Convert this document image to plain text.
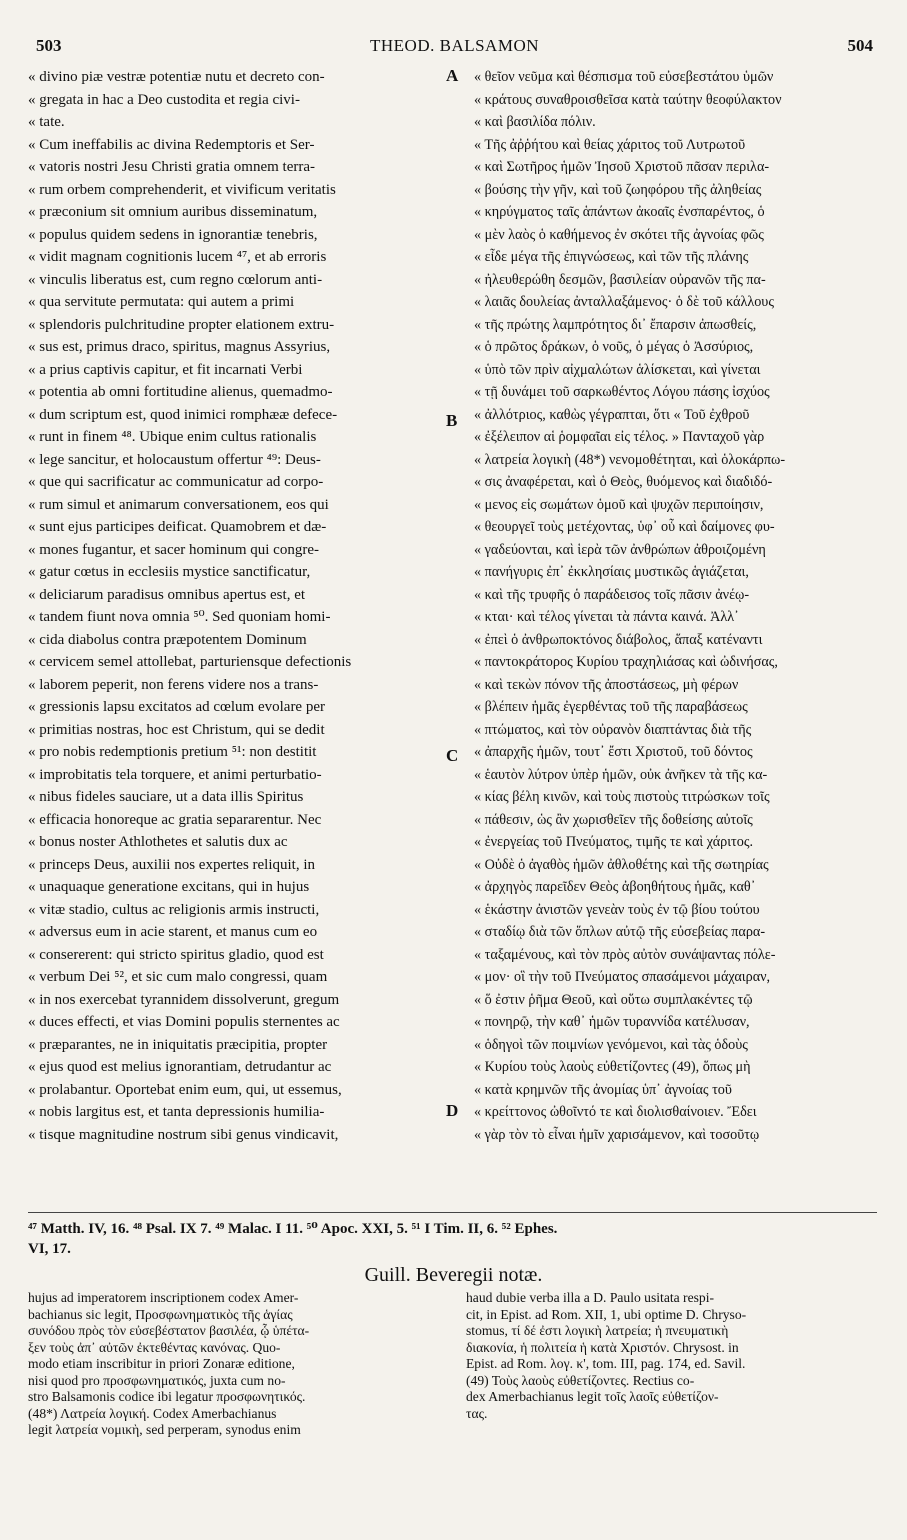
503	THEOD. BALSAMON	504
« divino piæ vestræ potentiæ nutu et decreto con-
« gregata in hac a Deo custodita et regia civi-
« tate.
« Cum ineffabilis ac divina Redemptoris et Ser-
« vatoris nostri Jesu Christi gratia omnem terra-
« rum orbem comprehenderit, et vivificum veritatis
« præconium sit omnium auribus disseminatum,
« populus quidem sedens in ignorantiæ tenebris,
« vidit magnam cognitionis lucem ⁴⁷, et ab erroris
« vinculis liberatus est, cum regno cœlorum anti-
« qua servitute permutata: qui autem a primi
« splendoris pulchritudine propter elationem extru-
« sus est, primus draco, spiritus, magnus Assyrius,
« a prius captivis capitur, et fit incarnati Verbi
« potentia ab omni fortitudine alienus, quemadmo-
« dum scriptum est, quod inimici romphææ defece-
« runt in finem ⁴⁸. Ubique enim cultus rationalis
« lege sancitur, et holocaustum offertur ⁴⁹: Deus-
« que qui sacrificatur ac communicatur ad corpo-
« rum simul et animarum conversationem, eos qui
« sunt ejus participes deificat. Quamobrem et dæ-
« mones fugantur, et sacer hominum qui congre-
« gatur cœtus in ecclesiis mystice sanctificatur,
« deliciarum paradisus omnibus apertus est, et
« tandem fiunt nova omnia ⁵⁰. Sed quoniam homi-
« cida diabolus contra præpotentem Dominum
« cervicem semel attollebat, parturiensque defectionis
« laborem peperit, non ferens videre nos a trans-
« gressionis lapsu excitatos ad cœlum evolare per
« primitias nostras, hoc est Christum, qui se dedit
« pro nobis redemptionis pretium ⁵¹: non destitit
« improbitatis tela torquere, et animi perturbatio-
« nibus fideles sauciare, ut a data illis Spiritus
« efficacia honoreque ac gratia separarentur. Nec
« bonus noster Athlothetes et salutis dux ac
« princeps Deus, auxilii nos expertes reliquit, in
« unaquaque generatione excitans, qui in hujus
« vitæ stadio, cultus ac religionis armis instructi,
« adversus eum in acie starent, et manus cum eo
« consererent: qui stricto spiritus gladio, quod est
« verbum Dei ⁵², et sic cum malo congressi, quam
« in nos exercebat tyrannidem dissolverunt, gregum
« duces effecti, et vias Domini populis sternentes ac
« præparantes, ne in iniquitatis præcipitia, propter
« ejus quod est melius ignorantiam, detrudantur ac
« prolabantur. Oportebat enim eum, qui, ut essemus,
« nobis largitus est, et tanta depressionis humilia-
« tisque magnitudine nostrum sibi genus vindicavit,
A
B
C
D
« θεῖον νεῦμα καὶ θέσπισμα τοῦ εὐσεβεστάτου ὑμῶν
« κράτους συναθροισθεῖσα κατὰ ταύτην θεοφύλακτον
« καὶ βασιλίδα πόλιν.
« Τῆς ἀῤῥήτου καὶ θείας χάριτος τοῦ Λυτρωτοῦ
« καὶ Σωτῆρος ἡμῶν Ἰησοῦ Χριστοῦ πᾶσαν περιλα-
« βούσης τὴν γῆν, καὶ τοῦ ζωηφόρου τῆς ἀληθείας
« κηρύγματος ταῖς ἁπάντων ἀκοαῖς ἐνσπαρέντος, ὁ
« μὲν λαὸς ὁ καθήμενος ἐν σκότει τῆς ἀγνοίας φῶς
« εἶδε μέγα τῆς ἐπιγνώσεως, καὶ τῶν τῆς πλάνης
« ἠλευθερώθη δεσμῶν, βασιλείαν οὐρανῶν τῆς πα-
« λαιᾶς δουλείας ἀνταλλαξάμενος· ὁ δὲ τοῦ κάλλους
« τῆς πρώτης λαμπρότητος δι᾽ ἔπαρσιν ἀπωσθείς,
« ὁ πρῶτος δράκων, ὁ νοῦς, ὁ μέγας ὁ Ἀσσύριος,
« ὑπὸ τῶν πρὶν αἰχμαλώτων ἁλίσκεται, καὶ γίνεται
« τῇ δυνάμει τοῦ σαρκωθέντος Λόγου πάσης ἰσχύος
« ἀλλότριος, καθὼς γέγραπται, ὅτι « Τοῦ ἐχθροῦ
« ἐξέλειπον αἱ ῥομφαῖαι εἰς τέλος. » Πανταχοῦ γὰρ
« λατρεία λογικὴ (48*) νενομοθέτηται, καὶ ὁλοκάρπω-
« σις ἀναφέρεται, καὶ ὁ Θεὸς, θυόμενος καὶ διαδιδό-
« μενος εἰς σωμάτων ὁμοῦ καὶ ψυχῶν περιποίησιν,
« θεουργεῖ τοὺς μετέχοντας, ὑφ᾽ οὗ καὶ δαίμονες φυ-
« γαδεύονται, καὶ ἱερὰ τῶν ἀνθρώπων ἀθροιζομένη
« πανήγυρις ἐπ᾽ ἐκκλησίαις μυστικῶς ἁγιάζεται,
« καὶ τῆς τρυφῆς ὁ παράδεισος τοῖς πᾶσιν ἀνέῳ-
« κται· καὶ τέλος γίνεται τὰ πάντα καινά. Ἀλλ᾽
« ἐπεὶ ὁ ἀνθρωποκτόνος διάβολος, ἅπαξ κατέναντι
« παντοκράτορος Κυρίου τραχηλιάσας καὶ ὠδινήσας,
« καὶ τεκὼν πόνον τῆς ἀποστάσεως, μὴ φέρων
« βλέπειν ἡμᾶς ἐγερθέντας τοῦ τῆς παραβάσεως
« πτώματος, καὶ τὸν οὐρανὸν διαπτάντας διὰ τῆς
« ἀπαρχῆς ἡμῶν, τουτ᾽ ἔστι Χριστοῦ, τοῦ δόντος
« ἑαυτὸν λύτρον ὑπὲρ ἡμῶν, οὐκ ἀνῆκεν τὰ τῆς κα-
« κίας βέλη κινῶν, καὶ τοὺς πιστοὺς τιτρώσκων τοῖς
« πάθεσιν, ὡς ἂν χωρισθεῖεν τῆς δοθείσης αὐτοῖς
« ἐνεργείας τοῦ Πνεύματος, τιμῆς τε καὶ χάριτος.
« Οὐδὲ ὁ ἀγαθὸς ἡμῶν ἀθλοθέτης καὶ τῆς σωτηρίας
« ἀρχηγὸς παρεῖδεν Θεὸς ἀβοηθήτους ἡμᾶς, καθ᾽
« ἑκάστην ἀνιστῶν γενεὰν τοὺς ἐν τῷ βίου τούτου
« σταδίῳ διὰ τῶν ὅπλων αὐτῷ τῆς εὐσεβείας παρα-
« ταξαμένους, καὶ τὸν πρὸς αὐτὸν συνάψαντας πόλε-
« μον· οἳ τὴν τοῦ Πνεύματος σπασάμενοι μάχαιραν,
« ὅ ἐστιν ῥῆμα Θεοῦ, καὶ οὕτω συμπλακέντες τῷ
« πονηρῷ, τὴν καθ᾽ ἡμῶν τυραννίδα κατέλυσαν,
« ὁδηγοὶ τῶν ποιμνίων γενόμενοι, καὶ τὰς ὁδοὺς
« Κυρίου τοὺς λαοὺς εὐθετίζοντες (49), ὅπως μὴ
« κατὰ κρημνῶν τῆς ἀνομίας ὑπ᾽ ἀγνοίας τοῦ
« κρείττονος ὠθοῖντό τε καὶ διολισθαίνοιεν. Ἔδει
« γὰρ τὸν τὸ εἶναι ἡμῖν χαρισάμενον, καὶ τοσοῦτῳ
⁴⁷ Matth. IV, 16. ⁴⁸ Psal. IX 7. ⁴⁹ Malac. I 11. ⁵⁰ Apoc. XXI, 5. ⁵¹ I Tim. II, 6. ⁵² Ephes.
VI, 17.
Guill. Beveregii notæ.
hujus ad imperatorem inscriptionem codex Amer-
bachianus sic legit, Προσφωνηματικὸς τῆς ἁγίας
συνόδου πρὸς τὸν εὐσεβέστατον βασιλέα, ᾧ ὑπέτα-
ξεν τοὺς ἀπ᾽ αὐτῶν ἐκτεθέντας κανόνας. Quo-
modo etiam inscribitur in priori Zonaræ editione,
nisi quod pro προσφωνηματικός, juxta cum no-
stro Balsamonis codice ibi legatur προσφωνητικός.
(48*) Λατρεία λογική. Codex Amerbachianus
legit λατρεία νομικὴ, sed perperam, synodus enim
haud dubie verba illa a D. Paulo usitata respi-
cit, in Epist. ad Rom. XII, 1, ubi optime D. Chryso-
stomus, τί δέ ἐστι λογικὴ λατρεία; ἡ πνευματικὴ
διακονία, ἡ πολιτεία ἡ κατὰ Χριστόν. Chrysost. in
Epist. ad Rom. λογ. κ', tom. III, pag. 174, ed. Savil.
(49) Τοὺς λαοὺς εὐθετίζοντες. Rectius co-
dex Amerbachianus legit τοῖς λαοῖς εὐθετίζον-
τας.
